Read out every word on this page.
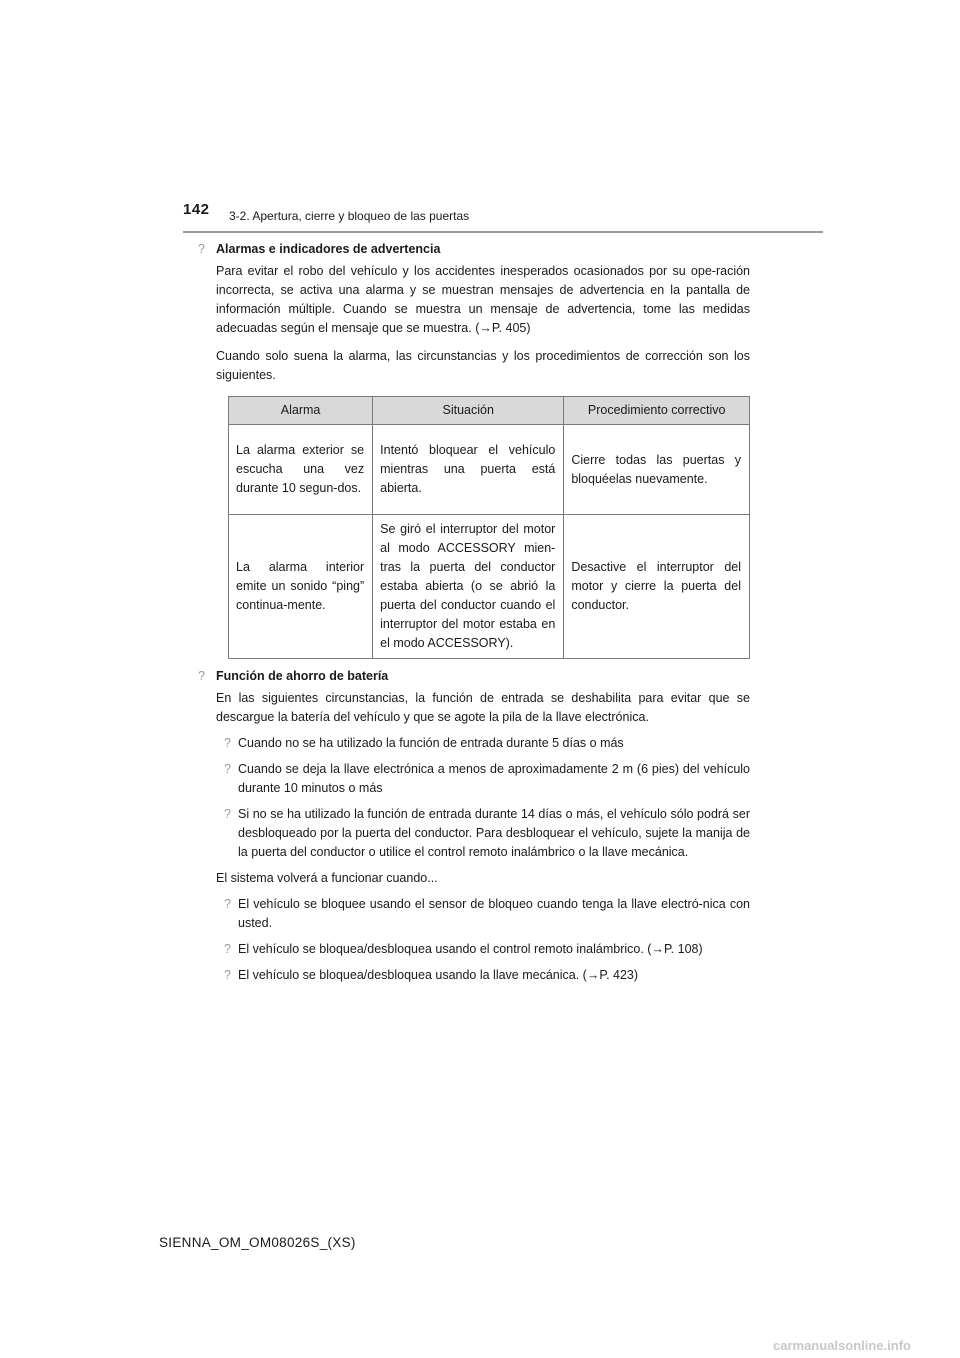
142 3-2. Apertura, cierre y bloqueo de las puertas
? Alarmas e indicadores de advertencia
Para evitar el robo del vehículo y los accidentes inesperados ocasionados por su ope-ración incorrecta, se activa una alarma y se muestran mensajes de advertencia en la pantalla de información múltiple. Cuando se muestra un mensaje de advertencia, tome las medidas adecuadas según el mensaje que se muestra. (→P. 405)
Cuando solo suena la alarma, las circunstancias y los procedimientos de corrección son los siguientes.
Alarma	Situación	Procedimiento correctivo
La alarma exterior se escucha una vez durante 10 segun-dos.	Intentó bloquear el vehículo mientras una puerta está abierta.	Cierre todas las puertas y bloquéelas nuevamente.
La alarma interior emite un sonido “ping” continua-mente.	Se giró el interruptor del motor al modo ACCESSORY mien-tras la puerta del conductor estaba abierta (o se abrió la puerta del conductor cuando el interruptor del motor estaba en el modo ACCESSORY).	Desactive el interruptor del motor y cierre la puerta del conductor.
? Función de ahorro de batería
En las siguientes circunstancias, la función de entrada se deshabilita para evitar que se descargue la batería del vehículo y que se agote la pila de la llave electrónica.
? Cuando no se ha utilizado la función de entrada durante 5 días o más
? Cuando se deja la llave electrónica a menos de aproximadamente 2 m (6 pies) del vehículo durante 10 minutos o más
? Si no se ha utilizado la función de entrada durante 14 días o más, el vehículo sólo podrá ser desbloqueado por la puerta del conductor. Para desbloquear el vehículo, sujete la manija de la puerta del conductor o utilice el control remoto inalámbrico o la llave mecánica.
El sistema volverá a funcionar cuando...
? El vehículo se bloquee usando el sensor de bloqueo cuando tenga la llave electró-nica con usted.
? El vehículo se bloquea/desbloquea usando el control remoto inalámbrico. (→P. 108)
? El vehículo se bloquea/desbloquea usando la llave mecánica. (→P. 423)
SIENNA_OM_OM08026S_(XS)
carmanualsonline.info
